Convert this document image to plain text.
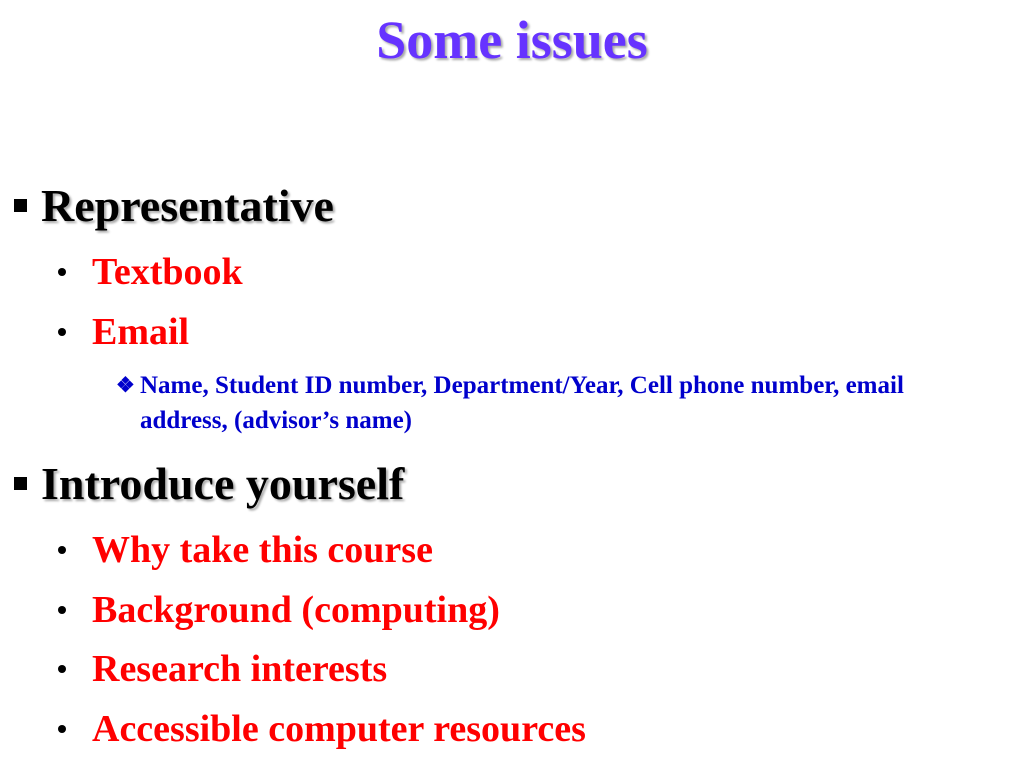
Some issues
Representative
Textbook
Email
❖ Name, Student ID number, Department/Year, Cell phone number, email address, (advisor’s name)
Introduce yourself
Why take this course
Background (computing)
Research interests
Accessible computer resources
